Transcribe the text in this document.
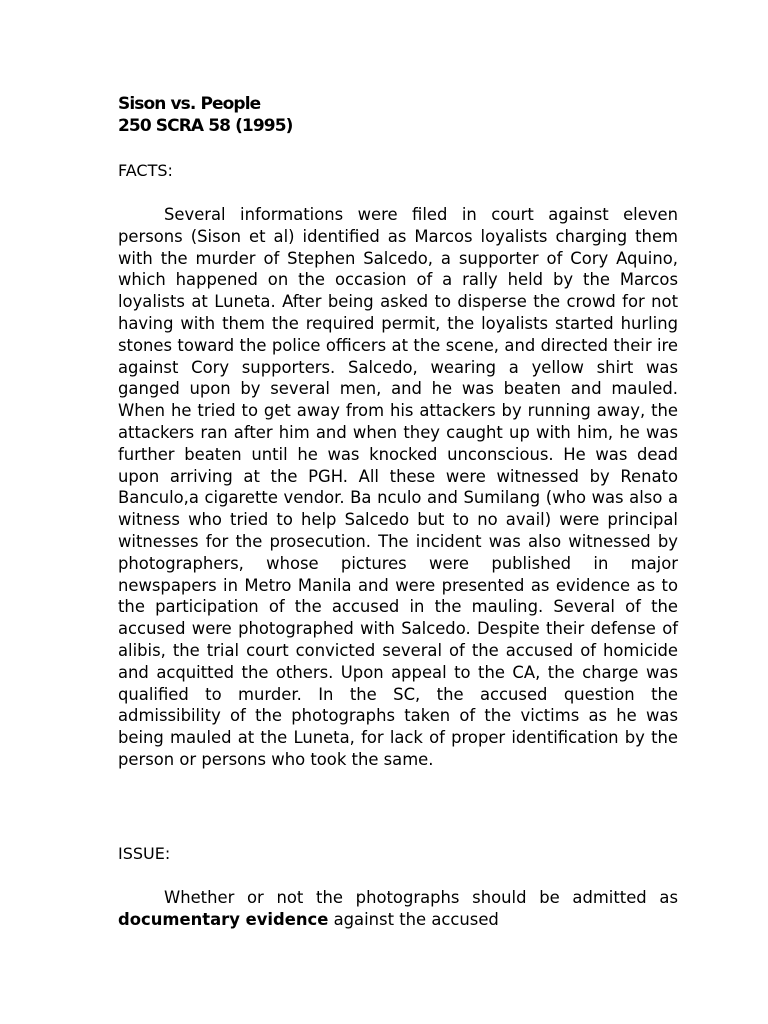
Sison vs. People
250 SCRA 58 (1995)
FACTS:

Several informations were filed in court against eleven persons (Sison et al) identified as Marcos loyalists charging them with the murder of Stephen Salcedo, a supporter of Cory Aquino, which happened on the occasion of a rally held by the Marcos loyalists at Luneta. After being asked to disperse the crowd for not having with them the required permit, the loyalists started hurling stones toward the police officers at the scene, and directed their ire against Cory supporters. Salcedo, wearing a yellow shirt was ganged upon by several men, and he was beaten and mauled. When he tried to get away from his attackers by running away, the attackers ran after him and when they caught up with him, he was further beaten until he was knocked unconscious. He was dead upon arriving at the PGH. All these were witnessed by Renato Banculo,a cigarette vendor. Ba nculo and Sumilang (who was also a witness who tried to help Salcedo but to no avail) were principal witnesses for the prosecution. The incident was also witnessed by photographers, whose pictures were published in major newspapers in Metro Manila and were presented as evidence as to the participation of the accused in the mauling. Several of the accused were photographed with Salcedo. Despite their defense of alibis, the trial court convicted several of the accused of homicide and acquitted the others. Upon appeal to the CA, the charge was qualified to murder. In the SC, the accused question the admissibility of the photographs taken of the victims as he was being mauled at the Luneta, for lack of proper identification by the person or persons who took the same.

ISSUE:

Whether or not the photographs should be admitted as documentary evidence against the accused
